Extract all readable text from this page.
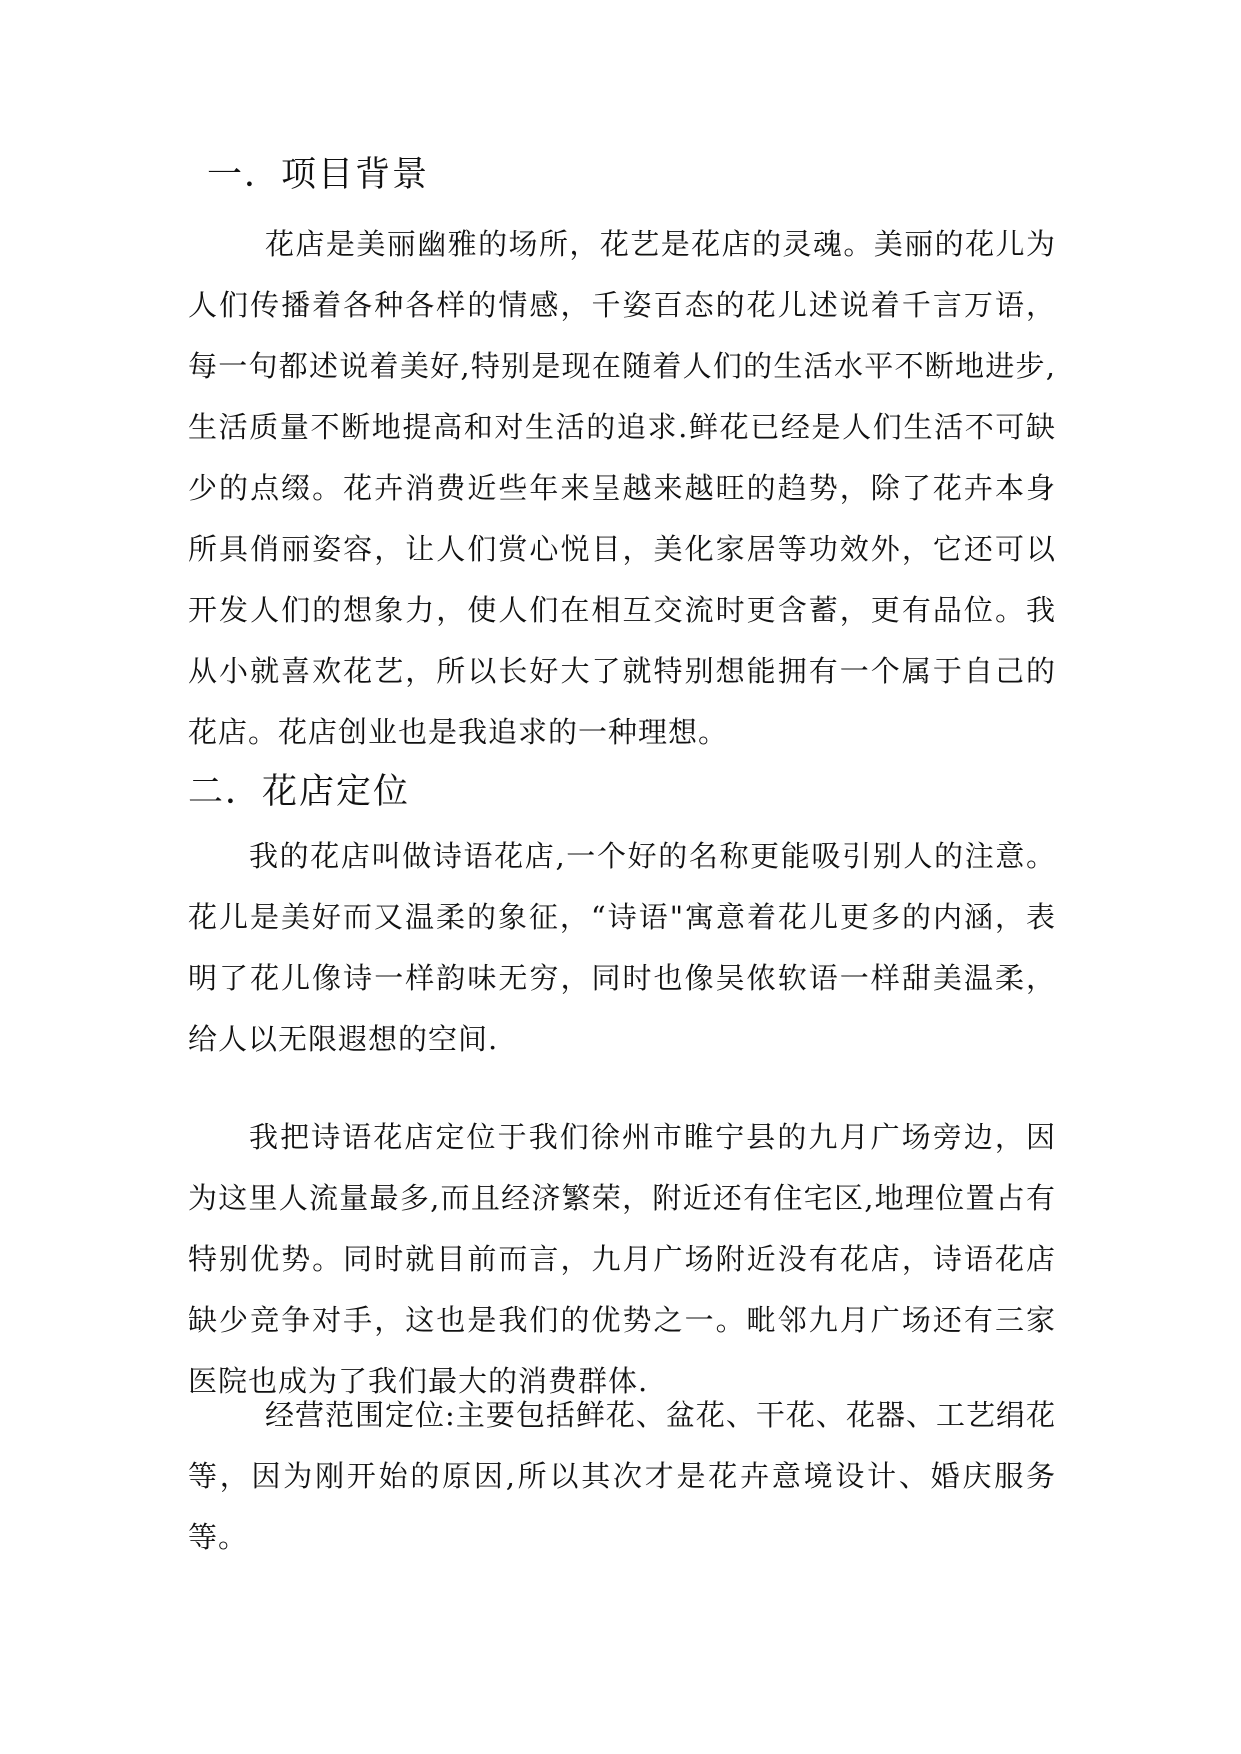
一．项目背景

花店是美丽幽雅的场所，花艺是花店的灵魂。美丽的花儿为人们传播着各种各样的情感，千姿百态的花儿述说着千言万语，每一句都述说着美好,特别是现在随着人们的生活水平不断地进步,生活质量不断地提高和对生活的追求.鲜花已经是人们生活不可缺少的点缀。花卉消费近些年来呈越来越旺的趋势，除了花卉本身所具俏丽姿容，让人们赏心悦目，美化家居等功效外，它还可以开发人们的想象力，使人们在相互交流时更含蓄，更有品位。我从小就喜欢花艺，所以长好大了就特别想能拥有一个属于自己的花店。花店创业也是我追求的一种理想。

二．花店定位

我的花店叫做诗语花店,一个好的名称更能吸引别人的注意。花儿是美好而又温柔的象征，“诗语"寓意着花儿更多的内涵，表明了花儿像诗一样韵味无穷，同时也像吴侬软语一样甜美温柔，给人以无限遐想的空间.

我把诗语花店定位于我们徐州市睢宁县的九月广场旁边，因为这里人流量最多,而且经济繁荣，附近还有住宅区,地理位置占有特别优势。同时就目前而言，九月广场附近没有花店，诗语花店缺少竞争对手，这也是我们的优势之一。毗邻九月广场还有三家医院也成为了我们最大的消费群体.

经营范围定位:主要包括鲜花、盆花、干花、花器、工艺绢花等，因为刚开始的原因,所以其次才是花卉意境设计、婚庆服务等。
